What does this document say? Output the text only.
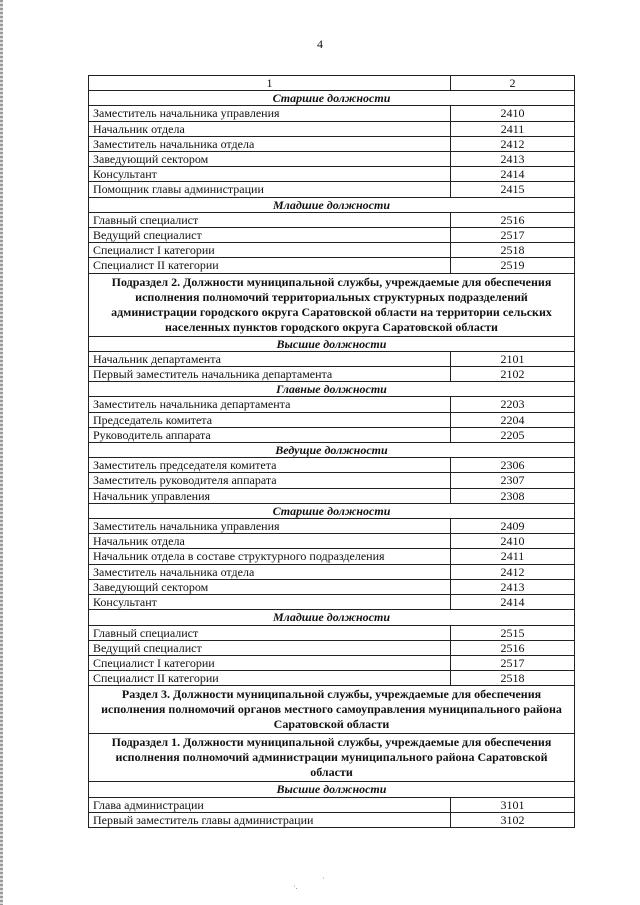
4
1	2
Старшие должности	
Заместитель начальника управления	2410
Начальник отдела	2411
Заместитель начальника отдела	2412
Заведующий сектором	2413
Консультант	2414
Помощник главы администрации	2415
Младшие должности	
Главный специалист	2516
Ведущий специалист	2517
Специалист I категории	2518
Специалист II категории	2519
Подраздел 2. Должности муниципальной службы, учреждаемые для обеспечения исполнения полномочий территориальных структурных подразделений администрации городского округа Саратовской области на территории сельских населенных пунктов городского округа Саратовской области	
Высшие должности	
Начальник департамента	2101
Первый заместитель начальника департамента	2102
Главные должности	
Заместитель начальника департамента	2203
Председатель комитета	2204
Руководитель аппарата	2205
Ведущие должности	
Заместитель председателя комитета	2306
Заместитель руководителя аппарата	2307
Начальник управления	2308
Старшие должности	
Заместитель начальника управления	2409
Начальник отдела	2410
Начальник отдела в составе структурного подразделения	2411
Заместитель начальника отдела	2412
Заведующий сектором	2413
Консультант	2414
Младшие должности	
Главный специалист	2515
Ведущий специалист	2516
Специалист I категории	2517
Специалист II категории	2518
Раздел 3. Должности муниципальной службы, учреждаемые для обеспечения исполнения полномочий органов местного самоуправления муниципального района Саратовской области	
Подраздел 1. Должности муниципальной службы, учреждаемые для обеспечения исполнения полномочий администрации муниципального района Саратовской области	
Высшие должности	
Глава администрации	3101
Первый заместитель главы администрации	3102
·.
·
